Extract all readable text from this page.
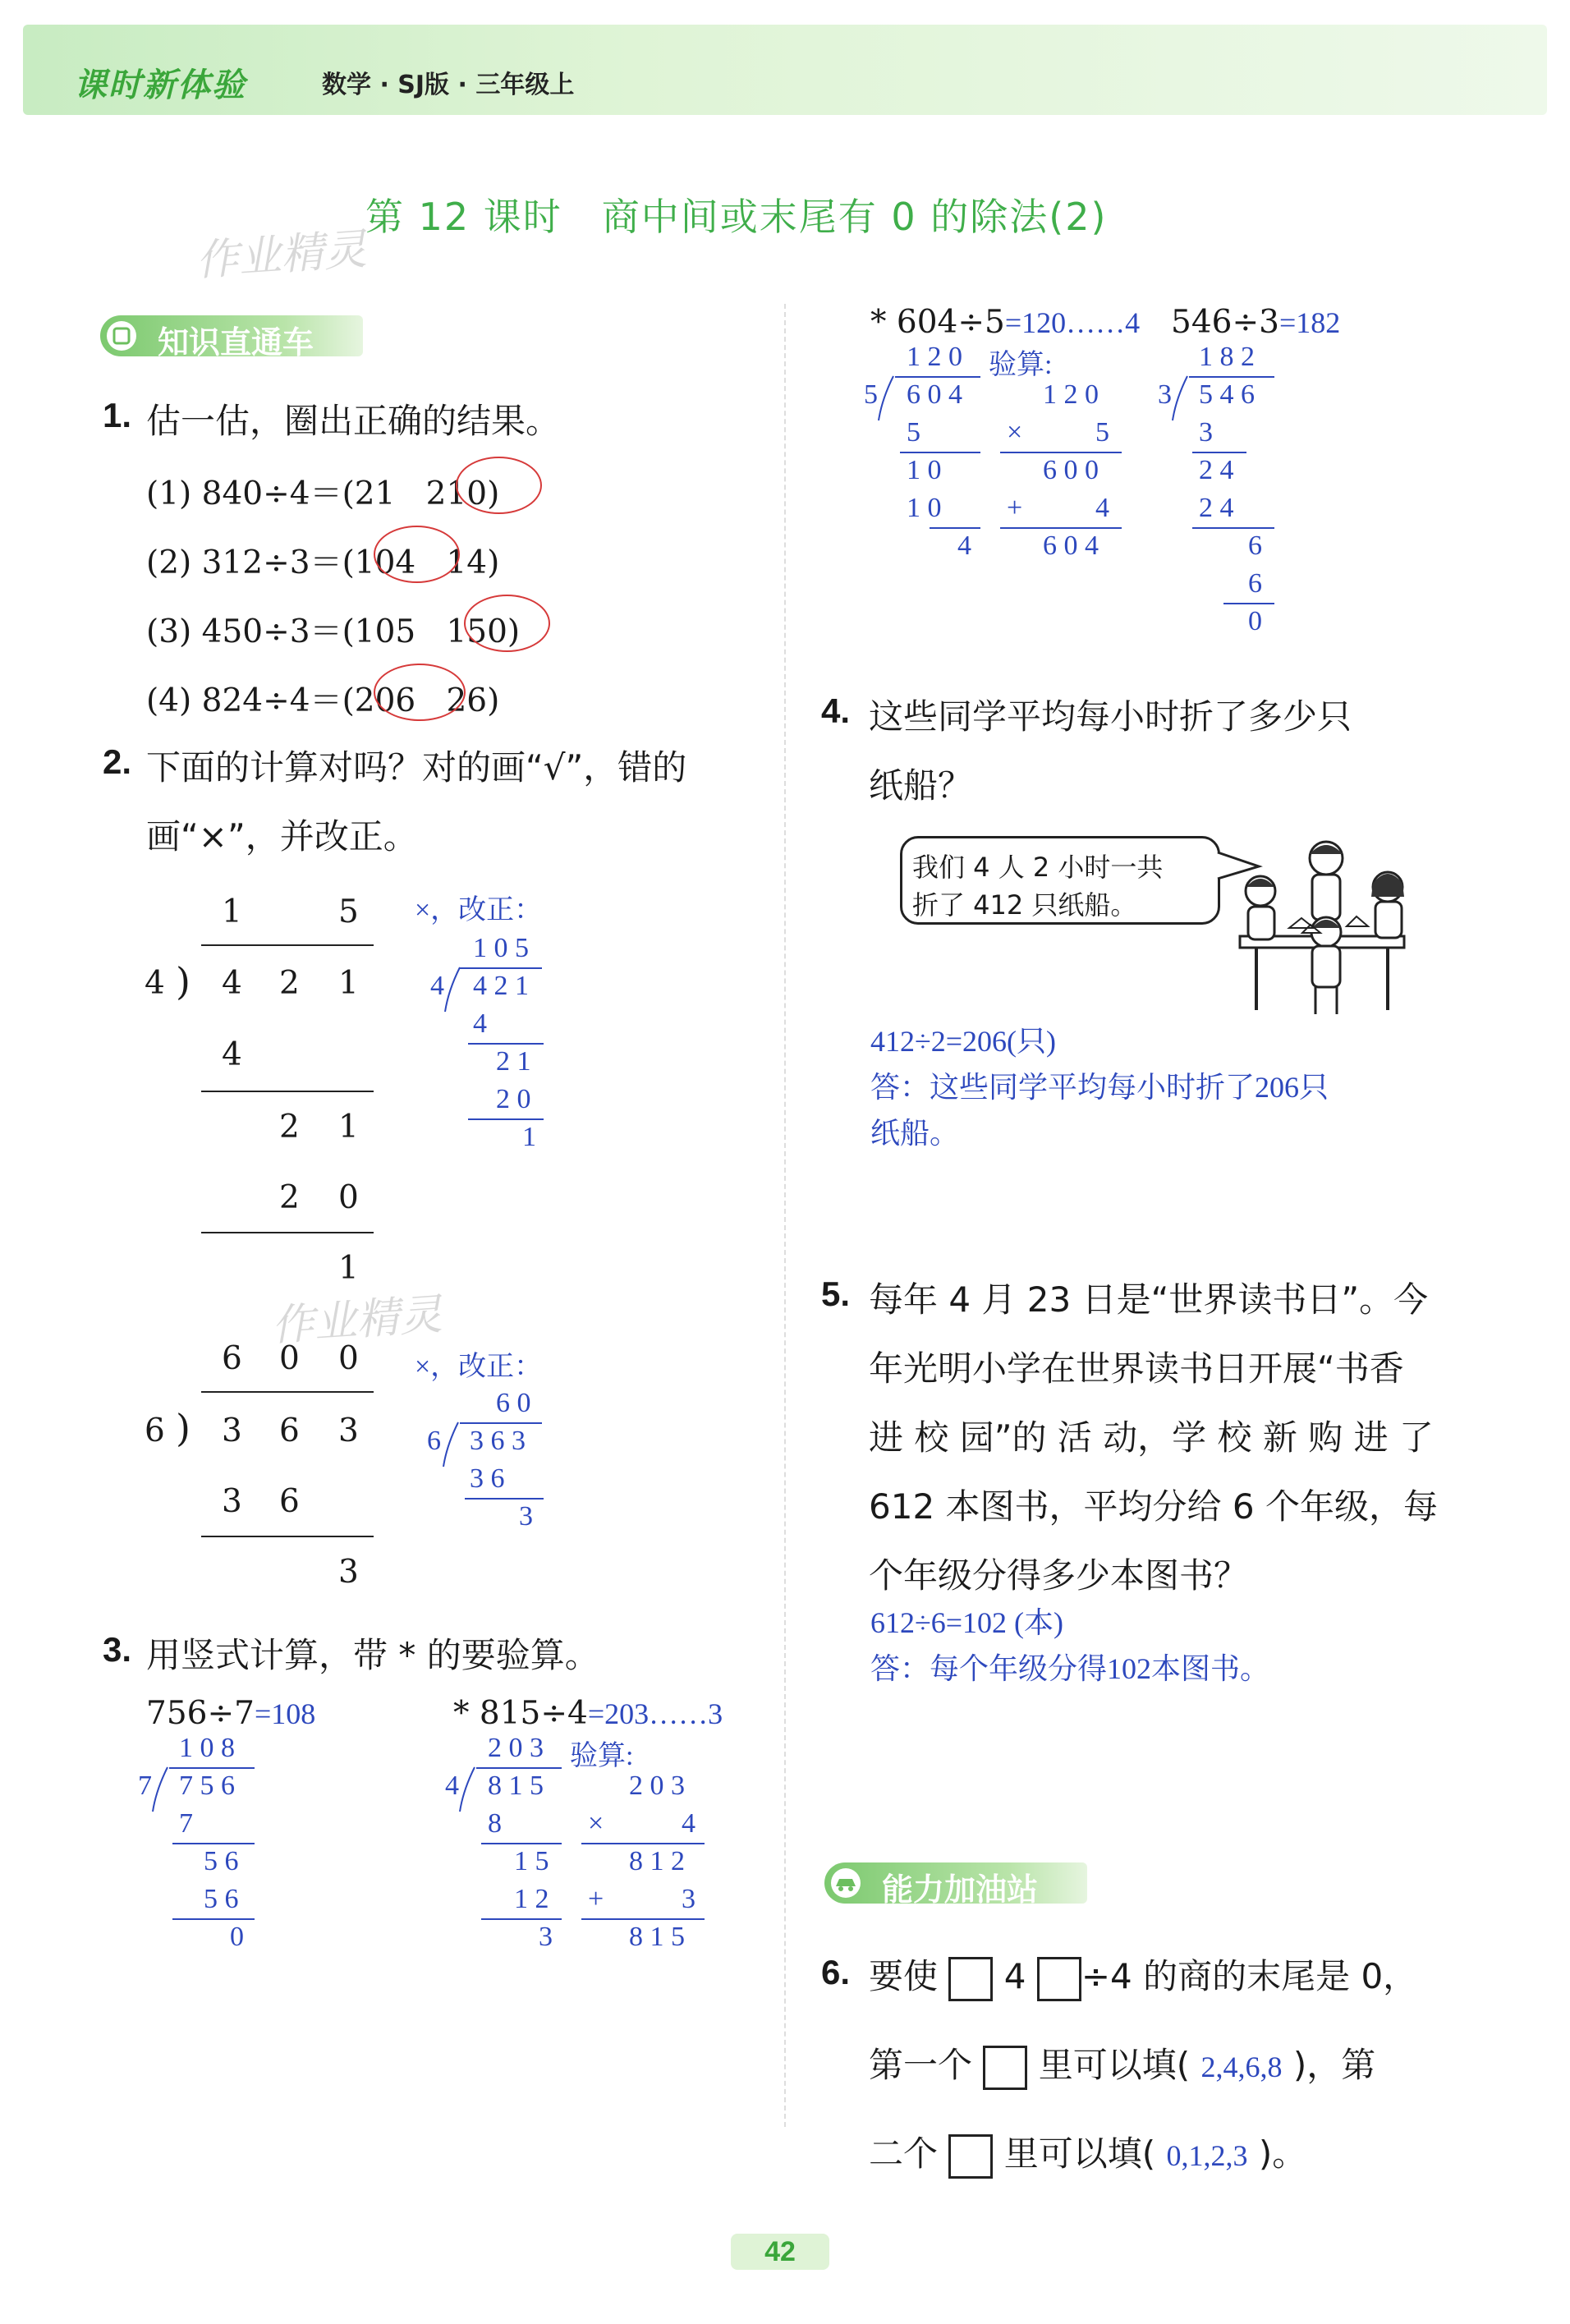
课时新体验	数学 · SJ版 · 三年级上
第 12 课时　商中间或末尾有 0 的除法(2)
作业精灵
作业精灵
知识直通车
1. 估一估，圈出正确的结果。
(1) 840÷4＝(21 210)
(2) 312÷3＝(104 14)
(3) 450÷3＝(105 150)
(4) 824÷4＝(206 26)
2. 下面的计算对吗？对的画“√”，错的
画“×”，并改正。
1	5
4 ) 4 2 1
4
2 1
2 0
1
×，改正：
1 0 5
4 4 2 1
4
2 1
2 0
1
6 0 0
6 ) 3 6 3
3 6
3
×，改正：
6 0
6 3 6 3
3 6
3
3. 用竖式计算，带 * 的要验算。
756÷7=108
1 0 8
7 7 5 6
7
5 6
5 6
0
* 815÷4=203……3
2 0 3 验算:
4 8 1 5
8
1 5
1 2
3
2 0 3
×	4
8 1 2
+	3
8 1 5
* 604÷5=120……4
1 2 0 验算:
5 6 0 4
5
1 0
1 0
4
1 2 0
×	5
6 0 0
+	4
6 0 4
546÷3=182
1 8 2
3 5 4 6
3
2 4
2 4
6
6
0
4. 这些同学平均每小时折了多少只
纸船？
我们 4 人 2 小时一共
折了 412 只纸船。
412÷2=206(只)
答：这些同学平均每小时折了206只
纸船。
5. 每年 4 月 23 日是“世界读书日”。今
年光明小学在世界读书日开展“书香
进 校 园”的 活 动，学 校 新 购 进 了
612 本图书，平均分给 6 个年级，每
个年级分得多少本图书？
612÷6=102 (本)
答：每个年级分得102本图书。
能力加油站
6. 要使 4 ÷4 的商的末尾是 0，
第一个 里可以填( 2,4,6,8 )，第
二个 里可以填( 0,1,2,3 )。
42
